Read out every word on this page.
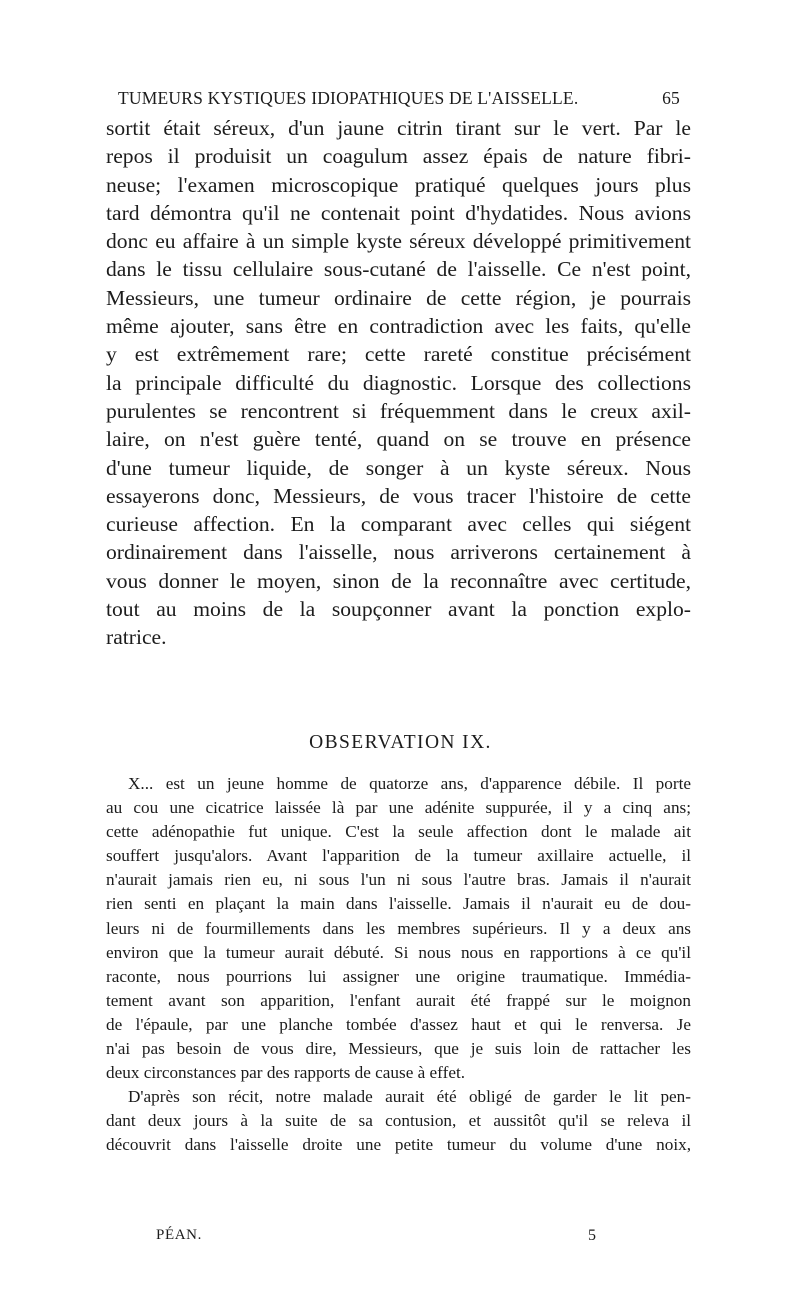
TUMEURS KYSTIQUES IDIOPATHIQUES DE L'AISSELLE.	65
sortit était séreux, d'un jaune citrin tirant sur le vert. Par le
repos il produisit un coagulum assez épais de nature fibri-
neuse; l'examen microscopique pratiqué quelques jours plus
tard démontra qu'il ne contenait point d'hydatides. Nous avions
donc eu affaire à un simple kyste séreux développé primitivement
dans le tissu cellulaire sous-cutané de l'aisselle. Ce n'est point,
Messieurs, une tumeur ordinaire de cette région, je pourrais
même ajouter, sans être en contradiction avec les faits, qu'elle
y est extrêmement rare; cette rareté constitue précisément
la principale difficulté du diagnostic. Lorsque des collections
purulentes se rencontrent si fréquemment dans le creux axil-
laire, on n'est guère tenté, quand on se trouve en présence
d'une tumeur liquide, de songer à un kyste séreux. Nous
essayerons donc, Messieurs, de vous tracer l'histoire de cette
curieuse affection. En la comparant avec celles qui siégent
ordinairement dans l'aisselle, nous arriverons certainement à
vous donner le moyen, sinon de la reconnaître avec certitude,
tout au moins de la soupçonner avant la ponction explo-
ratrice.
OBSERVATION IX.
X... est un jeune homme de quatorze ans, d'apparence débile. Il porte
au cou une cicatrice laissée là par une adénite suppurée, il y a cinq ans;
cette adénopathie fut unique. C'est la seule affection dont le malade ait
souffert jusqu'alors. Avant l'apparition de la tumeur axillaire actuelle, il
n'aurait jamais rien eu, ni sous l'un ni sous l'autre bras. Jamais il n'aurait
rien senti en plaçant la main dans l'aisselle. Jamais il n'aurait eu de dou-
leurs ni de fourmillements dans les membres supérieurs. Il y a deux ans
environ que la tumeur aurait débuté. Si nous nous en rapportions à ce qu'il
raconte, nous pourrions lui assigner une origine traumatique. Immédia-
tement avant son apparition, l'enfant aurait été frappé sur le moignon
de l'épaule, par une planche tombée d'assez haut et qui le renversa. Je
n'ai pas besoin de vous dire, Messieurs, que je suis loin de rattacher les
deux circonstances par des rapports de cause à effet.
D'après son récit, notre malade aurait été obligé de garder le lit pen-
dant deux jours à la suite de sa contusion, et aussitôt qu'il se releva il
découvrit dans l'aisselle droite une petite tumeur du volume d'une noix,
PÉAN.	5
